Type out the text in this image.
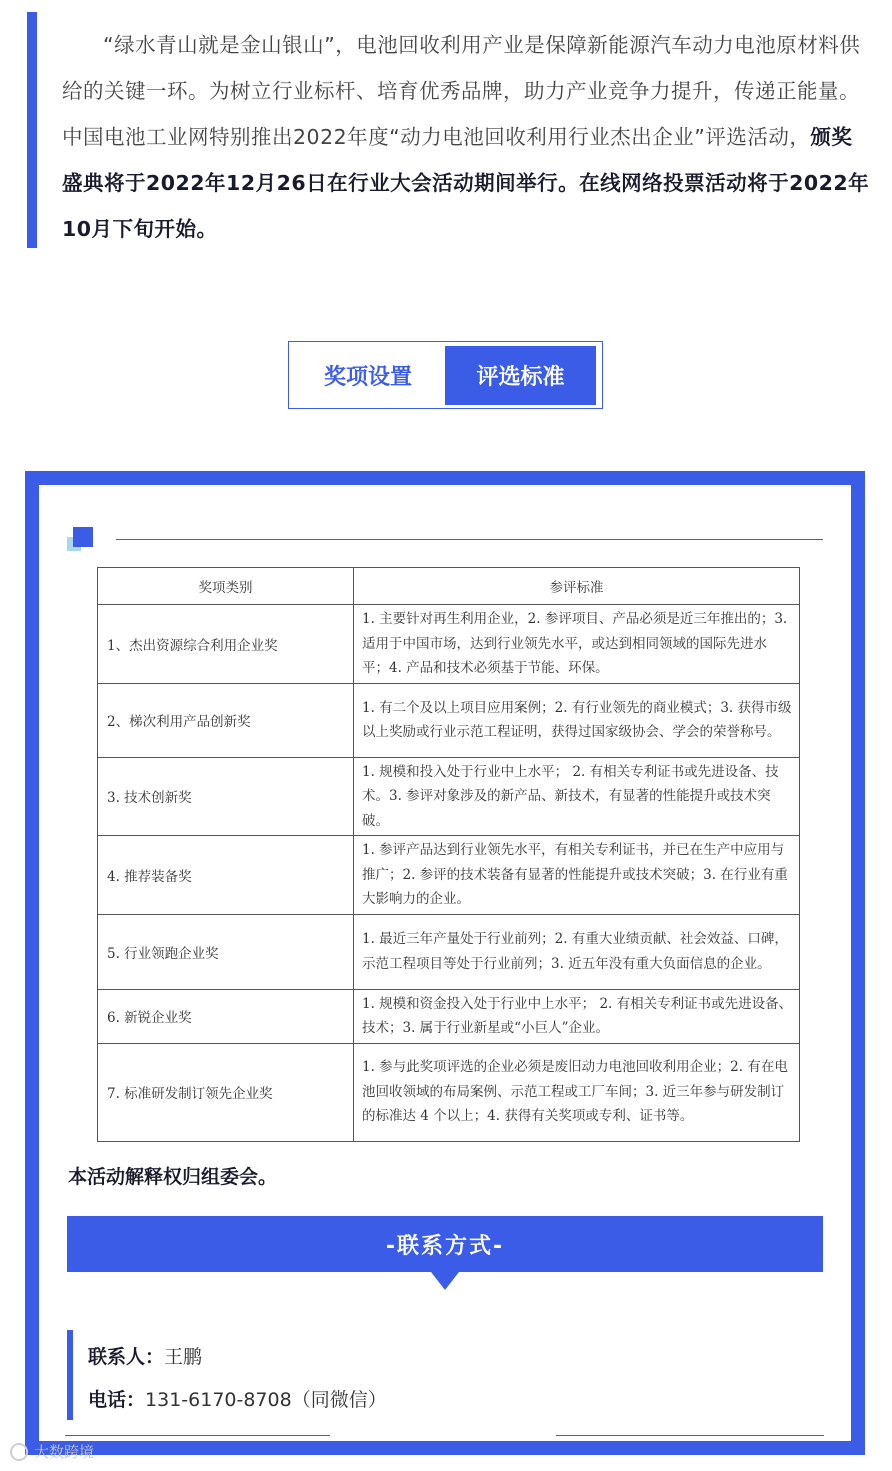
“绿水青山就是金山银山”，电池回收利用产业是保障新能源汽车动力电池原材料供给的关键一环。为树立行业标杆、培育优秀品牌，助力产业竞争力提升，传递正能量。中国电池工业网特别推出2022年度“动力电池回收利用行业杰出企业”评选活动，颁奖盛典将于2022年12月26日在行业大会活动期间举行。在线网络投票活动将于2022年10月下旬开始。

奖项设置	评选标准
奖项类别	参评标准
1、杰出资源综合利用企业奖	1. 主要针对再生利用企业，2. 参评项目、产品必须是近三年推出的；3. 适用于中国市场，达到行业领先水平，或达到相同领域的国际先进水平；4. 产品和技术必须基于节能、环保。
2、梯次利用产品创新奖	1. 有二个及以上项目应用案例；2. 有行业领先的商业模式；3. 获得市级以上奖励或行业示范工程证明，获得过国家级协会、学会的荣誉称号。
3. 技术创新奖	1. 规模和投入处于行业中上水平； 2. 有相关专利证书或先进设备、技术。3. 参评对象涉及的新产品、新技术，有显著的性能提升或技术突破。
4. 推荐装备奖	1. 参评产品达到行业领先水平，有相关专利证书，并已在生产中应用与推广；2. 参评的技术装备有显著的性能提升或技术突破；3. 在行业有重大影响力的企业。
5. 行业领跑企业奖	1. 最近三年产量处于行业前列；2. 有重大业绩贡献、社会效益、口碑，示范工程项目等处于行业前列；3. 近五年没有重大负面信息的企业。
6. 新锐企业奖	1. 规模和资金投入处于行业中上水平； 2. 有相关专利证书或先进设备、技术；3. 属于行业新星或“小巨人”企业。
7. 标准研发制订领先企业奖	1. 参与此奖项评选的企业必须是废旧动力电池回收利用企业；2. 有在电池回收领域的布局案例、示范工程或工厂车间；3. 近三年参与研发制订的标准达 4 个以上；4. 获得有关奖项或专利、证书等。
本活动解释权归组委会。
-联系方式-
联系人：王鹏
电话：131-6170-8708（同微信）
大数跨境
